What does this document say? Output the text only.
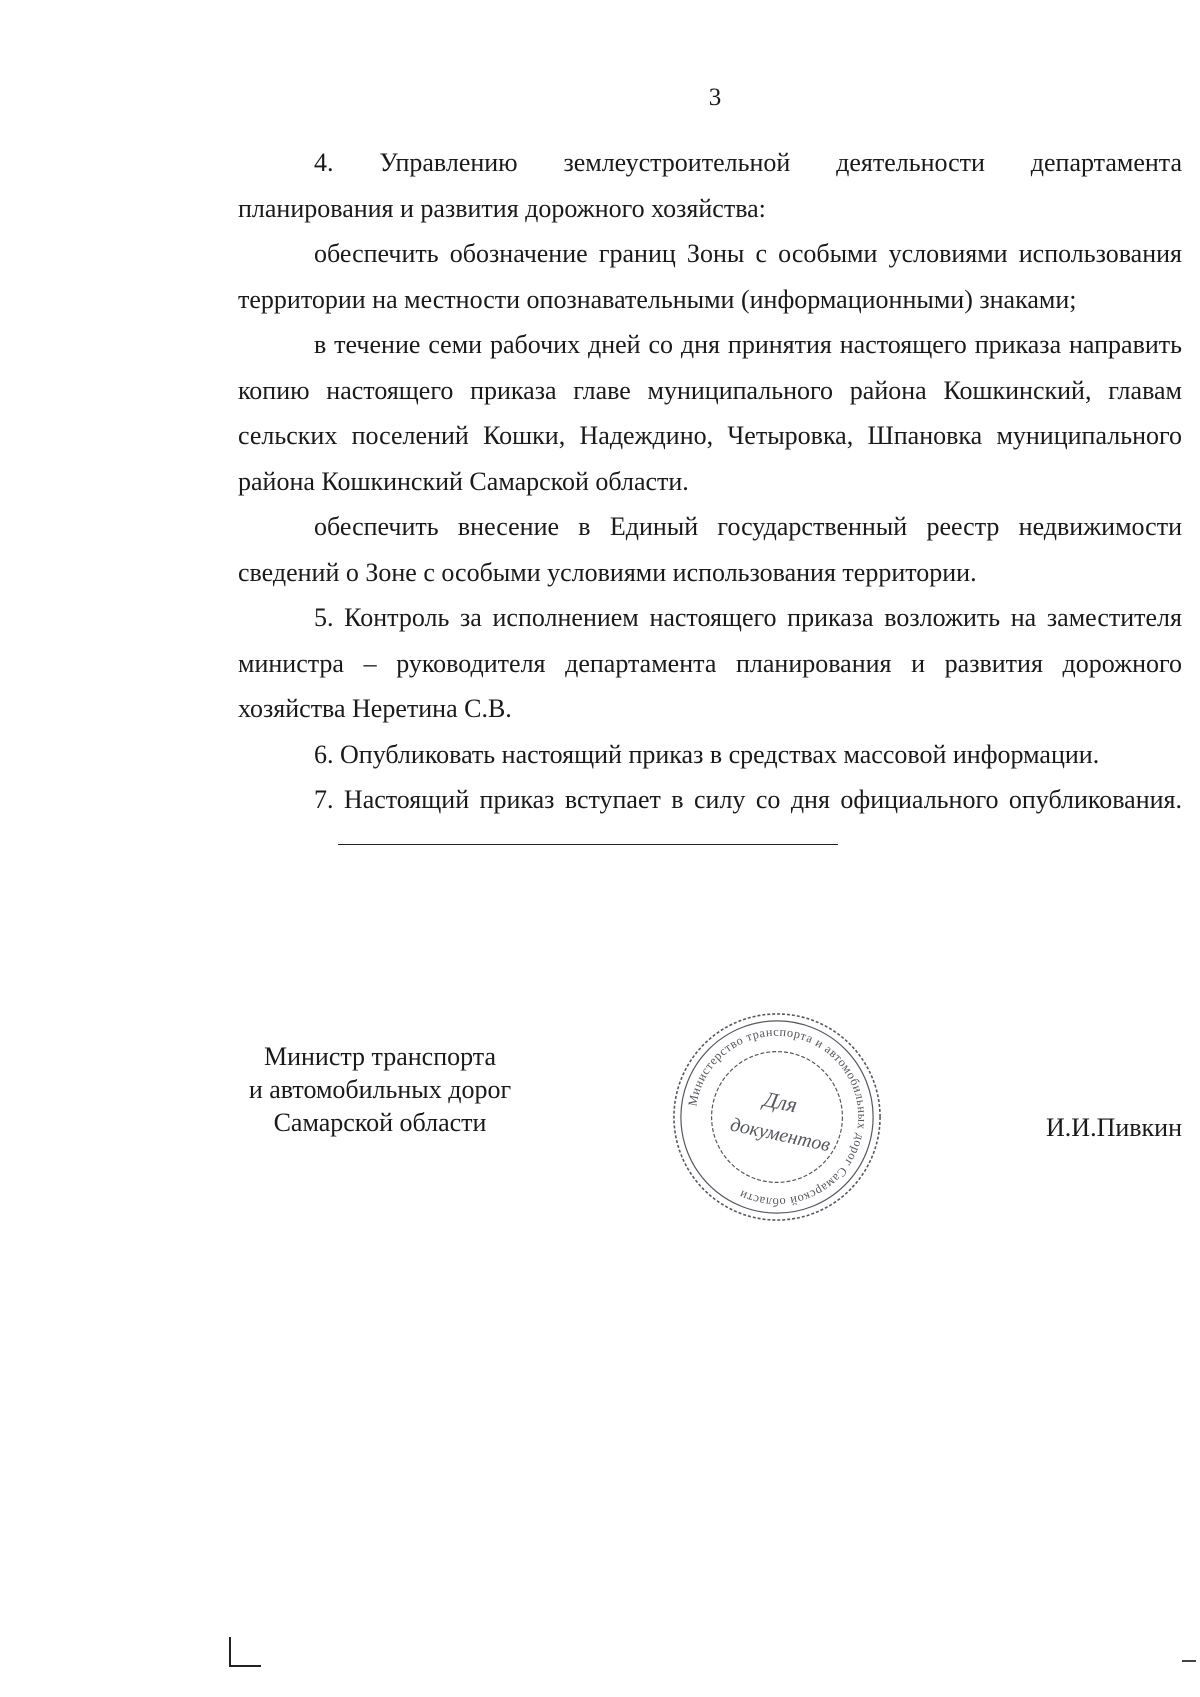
3

4. Управлению землеустроительной деятельности департамента планирования и развития дорожного хозяйства:

обеспечить обозначение границ Зоны с особыми условиями использования территории на местности опознавательными (информационными) знаками;

в течение семи рабочих дней со дня принятия настоящего приказа направить копию настоящего приказа главе муниципального района Кошкинский, главам сельских поселений Кошки, Надеждино, Четыровка, Шпановка муниципального района Кошкинский Самарской области.

обеспечить внесение в Единый государственный реестр недвижимости сведений о Зоне с особыми условиями использования территории.

5. Контроль за исполнением настоящего приказа возложить на заместителя министра – руководителя департамента планирования и развития дорожного хозяйства Неретина С.В.

6. Опубликовать настоящий приказ в средствах массовой информации.

7. Настоящий приказ вступает в силу со дня официального опубликования.

Министр транспорта
и автомобильных дорог
Самарской области
Министерство транспорта и автомобильных дорог Самарской области
Для
документов	И.И.Пивкин
